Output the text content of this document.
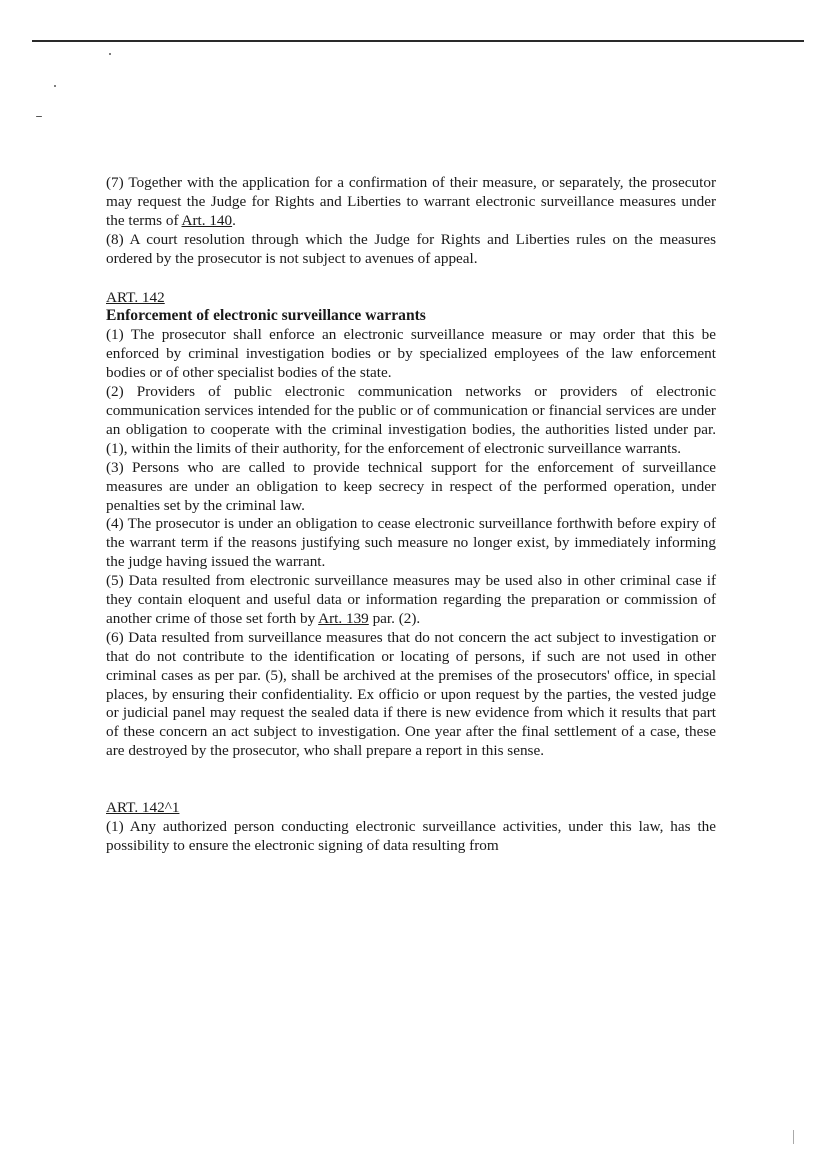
(7) Together with the application for a confirmation of their measure, or separately, the prosecutor may request the Judge for Rights and Liberties to warrant electronic surveillance measures under the terms of Art. 140.

(8) A court resolution through which the Judge for Rights and Liberties rules on the measures ordered by the prosecutor is not subject to avenues of appeal.

ART. 142

Enforcement of electronic surveillance warrants

(1) The prosecutor shall enforce an electronic surveillance measure or may order that this be enforced by criminal investigation bodies or by specialized employees of the law enforcement bodies or of other specialist bodies of the state.

(2) Providers of public electronic communication networks or providers of electronic communication services intended for the public or of communication or financial services are under an obligation to cooperate with the criminal investigation bodies, the authorities listed under par. (1), within the limits of their authority, for the enforcement of electronic surveillance warrants.

(3) Persons who are called to provide technical support for the enforcement of surveillance measures are under an obligation to keep secrecy in respect of the performed operation, under penalties set by the criminal law.

(4) The prosecutor is under an obligation to cease electronic surveillance forthwith before expiry of the warrant term if the reasons justifying such measure no longer exist, by immediately informing the judge having issued the warrant.

(5) Data resulted from electronic surveillance measures may be used also in other criminal case if they contain eloquent and useful data or information regarding the preparation or commission of another crime of those set forth by Art. 139 par. (2).

(6) Data resulted from surveillance measures that do not concern the act subject to investigation or that do not contribute to the identification or locating of persons, if such are not used in other criminal cases as per par. (5), shall be archived at the premises of the prosecutors' office, in special places, by ensuring their confidentiality. Ex officio or upon request by the parties, the vested judge or judicial panel may request the sealed data if there is new evidence from which it results that part of these concern an act subject to investigation. One year after the final settlement of a case, these are destroyed by the prosecutor, who shall prepare a report in this sense.

ART. 142^1

(1) Any authorized person conducting electronic surveillance activities, under this law, has the possibility to ensure the electronic signing of data resulting from
